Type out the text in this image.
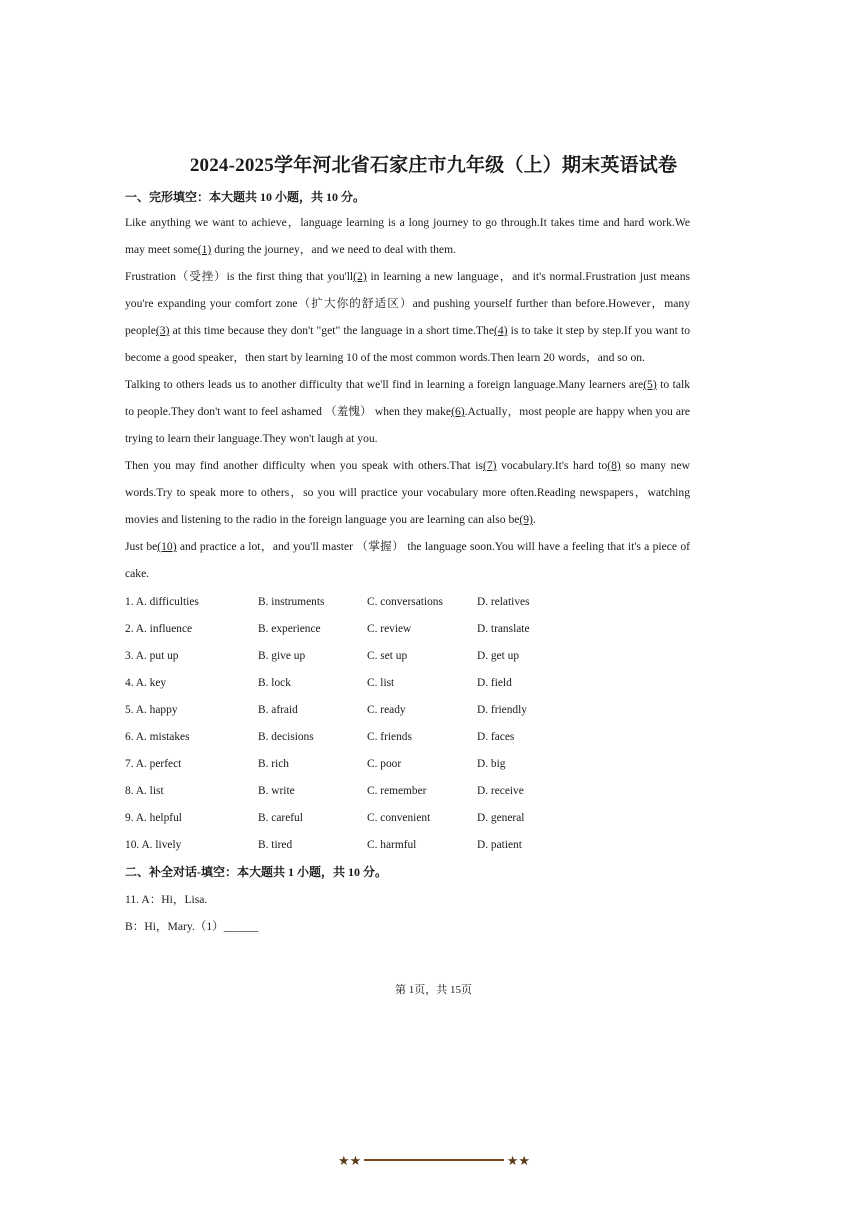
2024-2025学年河北省石家庄市九年级（上）期末英语试卷
一、完形填空：本大题共 10 小题，共 10 分。

Like anything we want to achieve，language learning is a long journey to go through.It takes time and hard work.We may meet some(1) during the journey，and we need to deal with them.

Frustration（受挫）is the first thing that you'll(2) in learning a new language，and it's normal.Frustration just means you're expanding your comfort zone（扩大你的舒适区）and pushing yourself further than before.However，many people(3) at this time because they don't "get" the language in a short time.The(4) is to take it step by step.If you want to become a good speaker，then start by learning 10 of the most common words.Then learn 20 words，and so on.

Talking to others leads us to another difficulty that we'll find in learning a foreign language.Many learners are(5) to talk to people.They don't want to feel ashamed （羞愧） when they make(6).Actually，most people are happy when you are trying to learn their language.They won't laugh at you.

Then you may find another difficulty when you speak with others.That is(7) vocabulary.It's hard to(8) so many new words.Try to speak more to others，so you will practice your vocabulary more often.Reading newspapers，watching movies and listening to the radio in the foreign language you are learning can also be(9).

Just be(10) and practice a lot，and you'll master （掌握） the language soon.You will have a feeling that it's a piece of cake.

1. A. difficulties	B. instruments	C. conversations	D. relatives
2. A. influence	B. experience	C. review	D. translate
3. A. put up	B. give up	C. set up	D. get up
4. A. key	B. lock	C. list	D. field
5. A. happy	B. afraid	C. ready	D. friendly
6. A. mistakes	B. decisions	C. friends	D. faces
7. A. perfect	B. rich	C. poor	D. big
8. A. list	B. write	C. remember	D. receive
9. A. helpful	B. careful	C. convenient	D. general
10. A. lively	B. tired	C. harmful	D. patient
二、补全对话-填空：本大题共 1 小题，共 10 分。
11. A：Hi，Lisa.
B：Hi，Mary.（1）______
第 1页，共 15页
★★	★★
